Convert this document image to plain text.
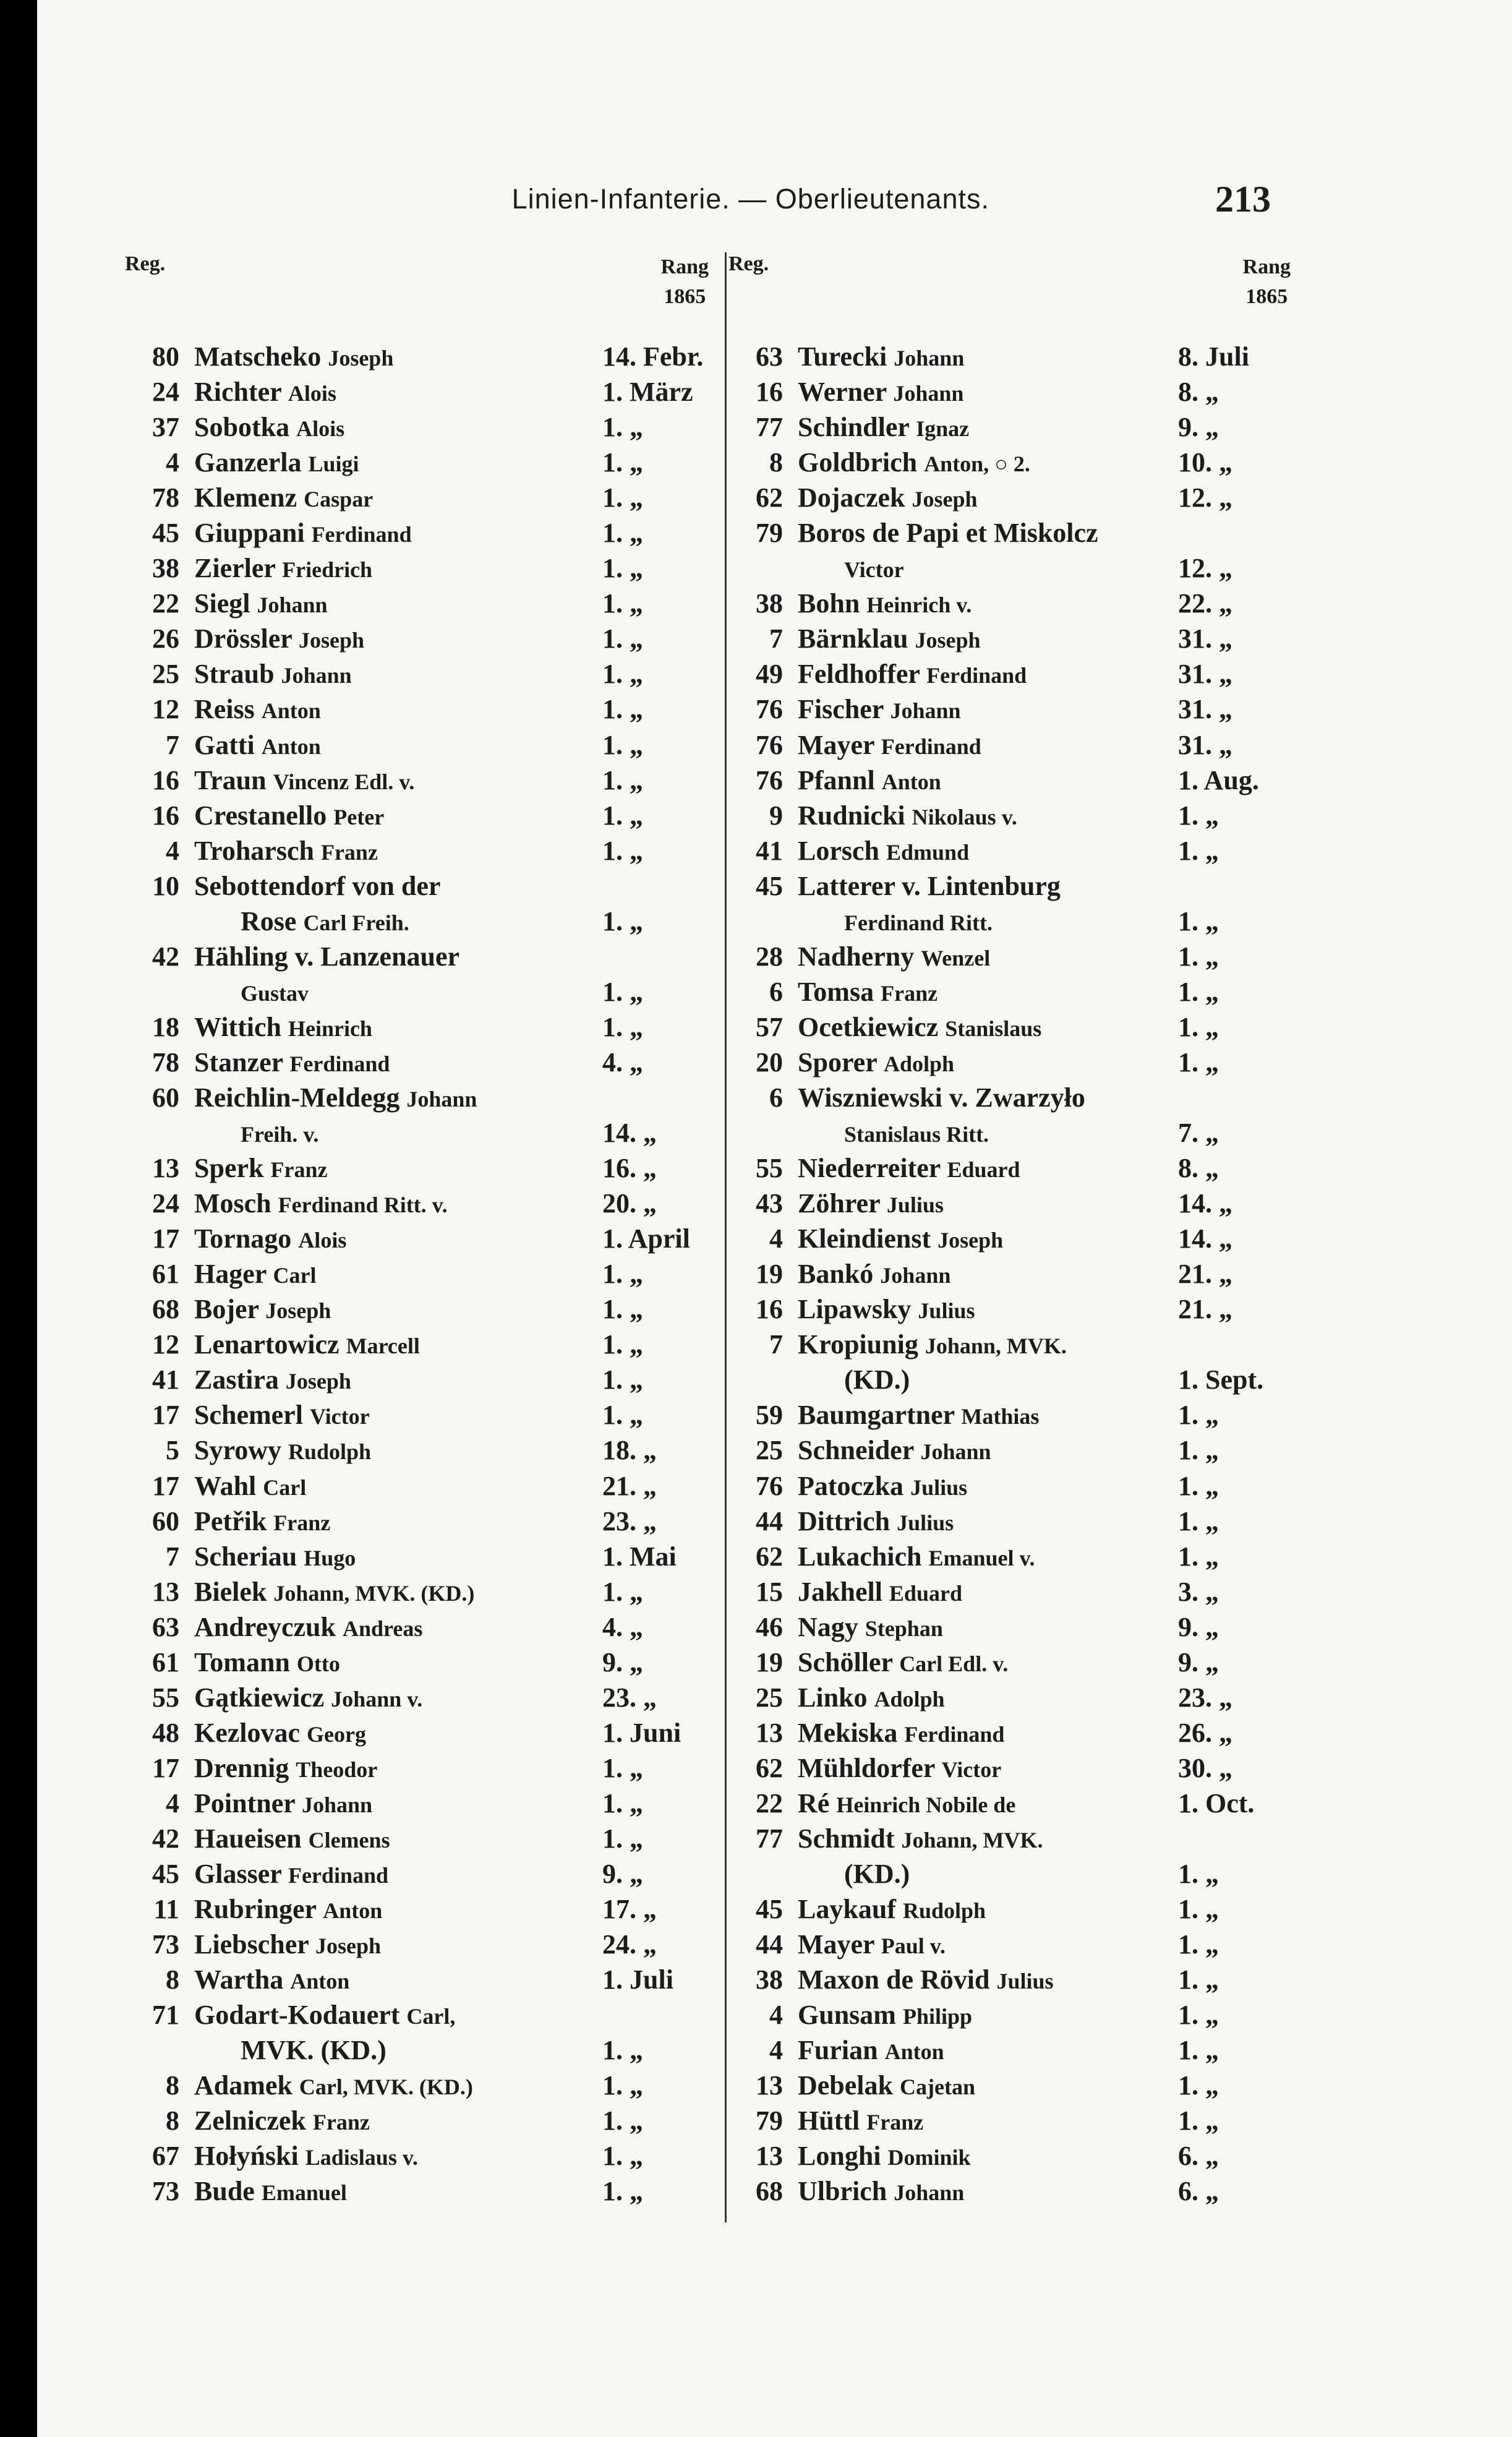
Linien-Infanterie. — Oberlieutenants.	213
Reg.	Rang
1865
80 Matscheko Joseph	14. Febr.
24 Richter Alois	1. März
37 Sobotka Alois	1. „
4 Ganzerla Luigi	1. „
78 Klemenz Caspar	1. „
45 Giuppani Ferdinand	1. „
38 Zierler Friedrich	1. „
22 Siegl Johann	1. „
26 Drössler Joseph	1. „
25 Straub Johann	1. „
12 Reiss Anton	1. „
7 Gatti Anton	1. „
16 Traun Vincenz Edl. v.	1. „
16 Crestanello Peter	1. „
4 Troharsch Franz	1. „
10 Sebottendorf von der
Rose Carl Freih.	1. „
42 Hähling v. Lanzenauer
Gustav	1. „
18 Wittich Heinrich	1. „
78 Stanzer Ferdinand	4. „
60 Reichlin-Meldegg Johann
Freih. v.	14. „
13 Sperk Franz	16. „
24 Mosch Ferdinand Ritt. v.	20. „
17 Tornago Alois	1. April
61 Hager Carl	1. „
68 Bojer Joseph	1. „
12 Lenartowicz Marcell	1. „
41 Zastira Joseph	1. „
17 Schemerl Victor	1. „
5 Syrowy Rudolph	18. „
17 Wahl Carl	21. „
60 Petřik Franz	23. „
7 Scheriau Hugo	1. Mai
13 Bielek Johann, MVK. (KD.)	1. „
63 Andreyczuk Andreas	4. „
61 Tomann Otto	9. „
55 Gątkiewicz Johann v.	23. „
48 Kezlovac Georg	1. Juni
17 Drennig Theodor	1. „
4 Pointner Johann	1. „
42 Haueisen Clemens	1. „
45 Glasser Ferdinand	9. „
11 Rubringer Anton	17. „
73 Liebscher Joseph	24. „
8 Wartha Anton	1. Juli
71 Godart-Kodauert Carl,
MVK. (KD.)	1. „
8 Adamek Carl, MVK. (KD.)	1. „
8 Zelniczek Franz	1. „
67 Hołyński Ladislaus v.	1. „
73 Bude Emanuel	1. „
Reg.	Rang
1865
63 Turecki Johann	8. Juli
16 Werner Johann	8. „
77 Schindler Ignaz	9. „
8 Goldbrich Anton, ○ 2.	10. „
62 Dojaczek Joseph	12. „
79 Boros de Papi et Miskolcz
Victor	12. „
38 Bohn Heinrich v.	22. „
7 Bärnklau Joseph	31. „
49 Feldhoffer Ferdinand	31. „
76 Fischer Johann	31. „
76 Mayer Ferdinand	31. „
76 Pfannl Anton	1. Aug.
9 Rudnicki Nikolaus v.	1. „
41 Lorsch Edmund	1. „
45 Latterer v. Lintenburg
Ferdinand Ritt.	1. „
28 Nadherny Wenzel	1. „
6 Tomsa Franz	1. „
57 Ocetkiewicz Stanislaus	1. „
20 Sporer Adolph	1. „
6 Wiszniewski v. Zwarzyło
Stanislaus Ritt.	7. „
55 Niederreiter Eduard	8. „
43 Zöhrer Julius	14. „
4 Kleindienst Joseph	14. „
19 Bankó Johann	21. „
16 Lipawsky Julius	21. „
7 Kropiunig Johann, MVK.
(KD.)	1. Sept.
59 Baumgartner Mathias	1. „
25 Schneider Johann	1. „
76 Patoczka Julius	1. „
44 Dittrich Julius	1. „
62 Lukachich Emanuel v.	1. „
15 Jakhell Eduard	3. „
46 Nagy Stephan	9. „
19 Schöller Carl Edl. v.	9. „
25 Linko Adolph	23. „
13 Mekiska Ferdinand	26. „
62 Mühldorfer Victor	30. „
22 Ré Heinrich Nobile de	1. Oct.
77 Schmidt Johann, MVK.
(KD.)	1. „
45 Laykauf Rudolph	1. „
44 Mayer Paul v.	1. „
38 Maxon de Rövid Julius	1. „
4 Gunsam Philipp	1. „
4 Furian Anton	1. „
13 Debelak Cajetan	1. „
79 Hüttl Franz	1. „
13 Longhi Dominik	6. „
68 Ulbrich Johann	6. „
